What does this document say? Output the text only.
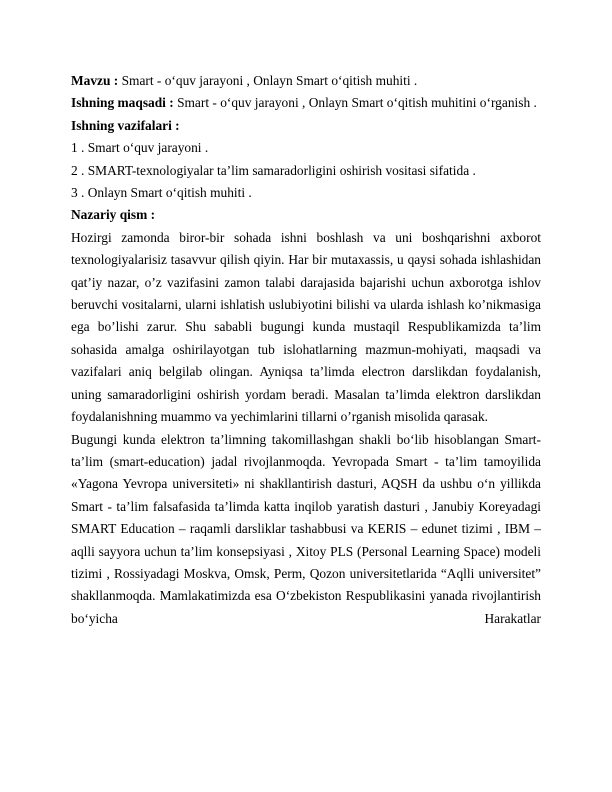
Mavzu : Smart - o‘quv jarayoni , Onlayn Smart o‘qitish muhiti .

Ishning maqsadi : Smart - o‘quv jarayoni , Onlayn Smart o‘qitish muhitini o‘rganish .

Ishning vazifalari :

1 . Smart o‘quv jarayoni .

2 . SMART-texnologiyalar ta’lim samaradorligini oshirish vositasi sifatida .

3 . Onlayn Smart o‘qitish muhiti .

Nazariy qism :

Hozirgi zamonda biror-bir sohada ishni boshlash va uni boshqarishni axborot texnologiyalarisiz tasavvur qilish qiyin. Har bir mutaxassis, u qaysi sohada ishlashidan qat’iy nazar, o’z vazifasini zamon talabi darajasida bajarishi uchun axborotga ishlov beruvchi vositalarni, ularni ishlatish uslubiyotini bilishi va ularda ishlash ko’nikmasiga ega bo’lishi zarur. Shu sababli bugungi kunda mustaqil Respublikamizda ta’lim sohasida amalga oshirilayotgan tub islohatlarning mazmun-mohiyati, maqsadi va vazifalari aniq belgilab olingan. Ayniqsa ta’limda electron darslikdan foydalanish, uning samaradorligini oshirish yordam beradi. Masalan ta’limda elektron darslikdan foydalanishning muammo va yechimlarini tillarni o’rganish misolida qarasak.

Bugungi kunda elektron ta’limning takomillashgan shakli bo‘lib hisoblangan Smart-ta’lim (smart-education) jadal rivojlanmoqda. Yevropada Smart - ta’lim tamoyilida «Yagona Yevropa universiteti» ni shakllantirish dasturi, AQSH da ushbu o‘n yillikda Smart - ta’lim falsafasida ta’limda katta inqilob yaratish dasturi , Janubiy Koreyadagi SMART Education – raqamli darsliklar tashabbusi va KERIS – edunet tizimi , IBM – aqlli sayyora uchun ta’lim konsepsiyasi , Xitoy PLS (Personal Learning Space) modeli tizimi , Rossiyadagi Moskva, Omsk, Perm, Qozon universitetlarida “Aqlli universitet” shakllanmoqda. Mamlakatimizda esa O‘zbekiston Respublikasini yanada rivojlantirish bo‘yicha Harakatlar
